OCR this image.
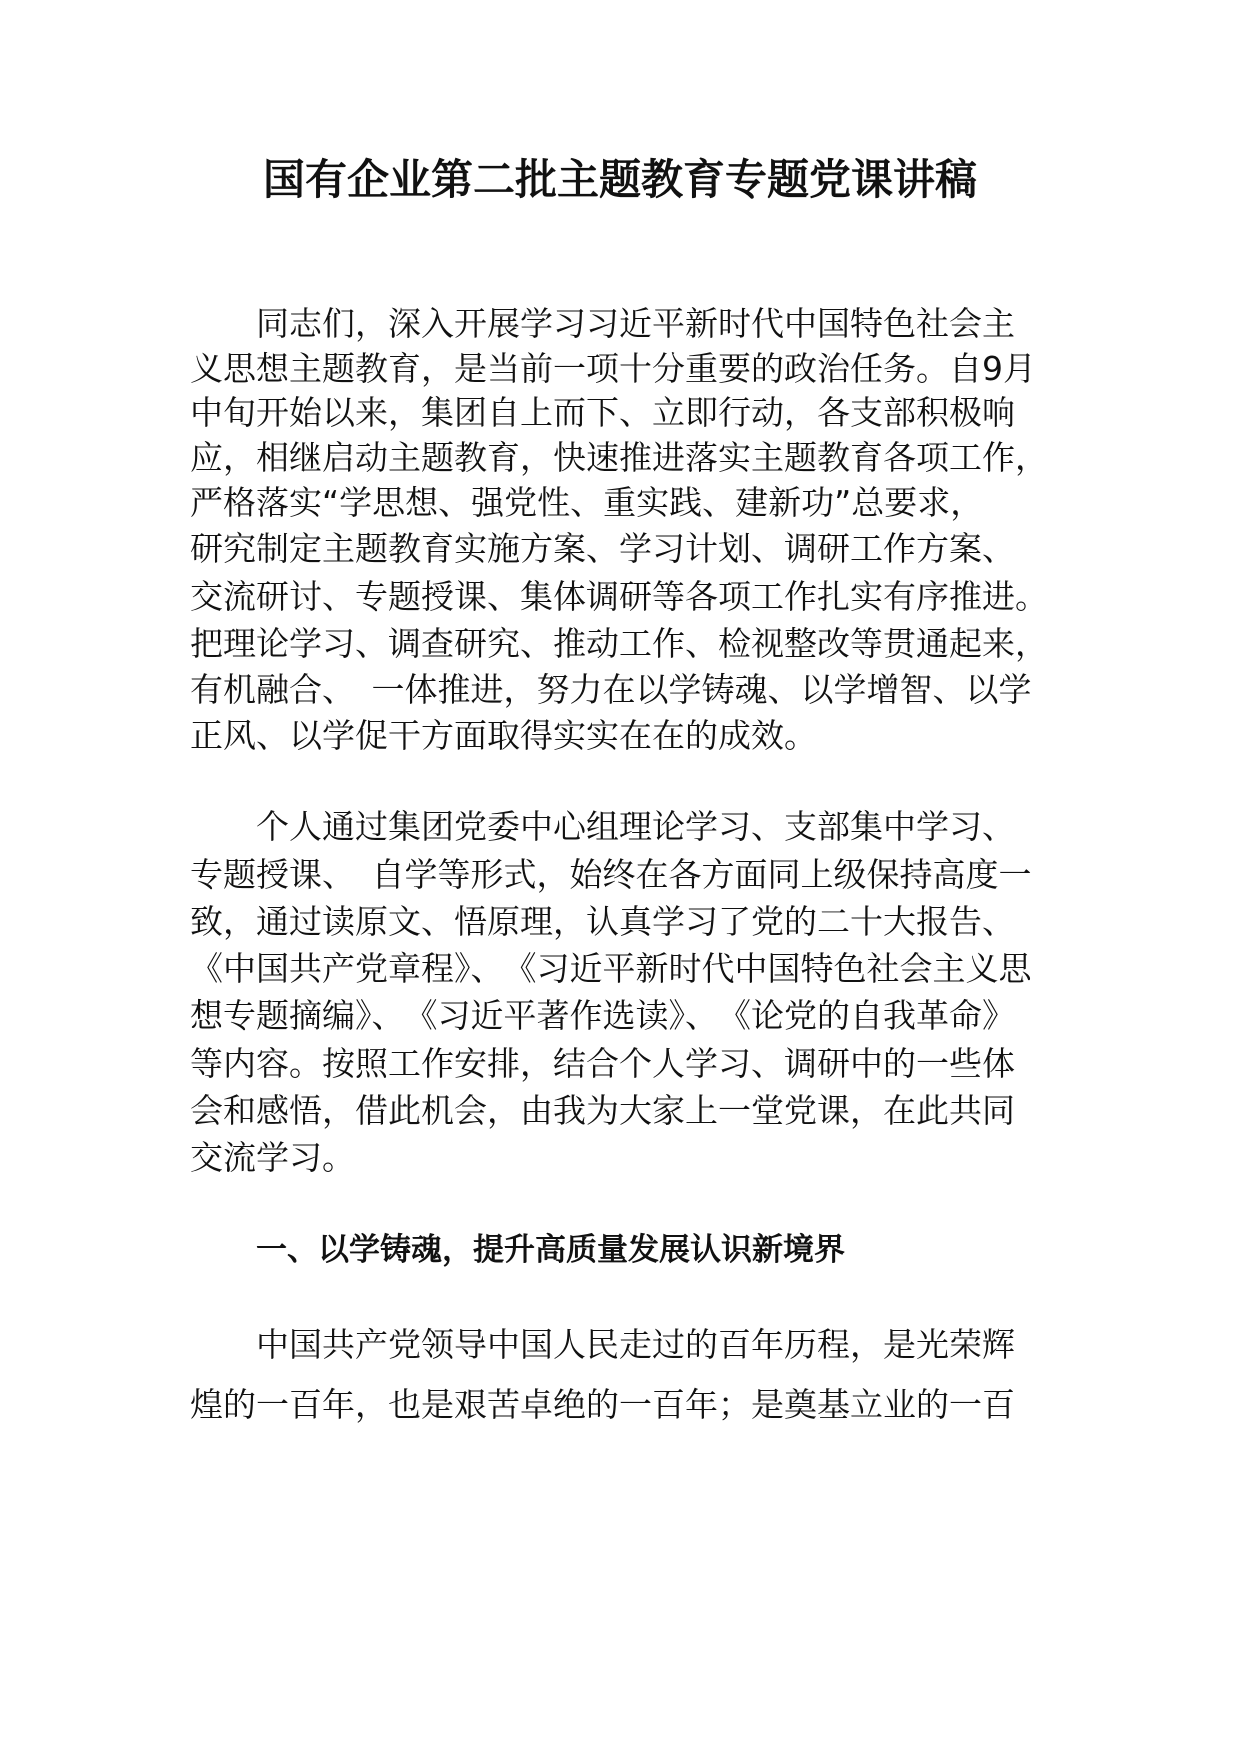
国有企业第二批主题教育专题党课讲稿
　　同志们，深入开展学习习近平新时代中国特色社会主
义思想主题教育，是当前一项十分重要的政治任务。自9月
中旬开始以来，集团自上而下、立即行动，各支部积极响
应，相继启动主题教育，快速推进落实主题教育各项工作，
严格落实“学思想、强党性、重实践、建新功”总要求，
研究制定主题教育实施方案、学习计划、调研工作方案、
交流研讨、专题授课、集体调研等各项工作扎实有序推进。
把理论学习、调查研究、推动工作、检视整改等贯通起来，
有机融合、　一体推进，努力在以学铸魂、以学增智、以学
正风、以学促干方面取得实实在在的成效。
　　个人通过集团党委中心组理论学习、支部集中学习、
专题授课、　自学等形式，始终在各方面同上级保持高度一
致，通过读原文、悟原理，认真学习了党的二十大报告、
《中国共产党章程》、　《习近平新时代中国特色社会主义思
想专题摘编》、　《习近平著作选读》、　《论党的自我革命》
等内容。按照工作安排，结合个人学习、调研中的一些体
会和感悟，借此机会，由我为大家上一堂党课，在此共同
交流学习。
一、以学铸魂，提升高质量发展认识新境界
　　中国共产党领导中国人民走过的百年历程，是光荣辉
煌的一百年，也是艰苦卓绝的一百年；是奠基立业的一百
